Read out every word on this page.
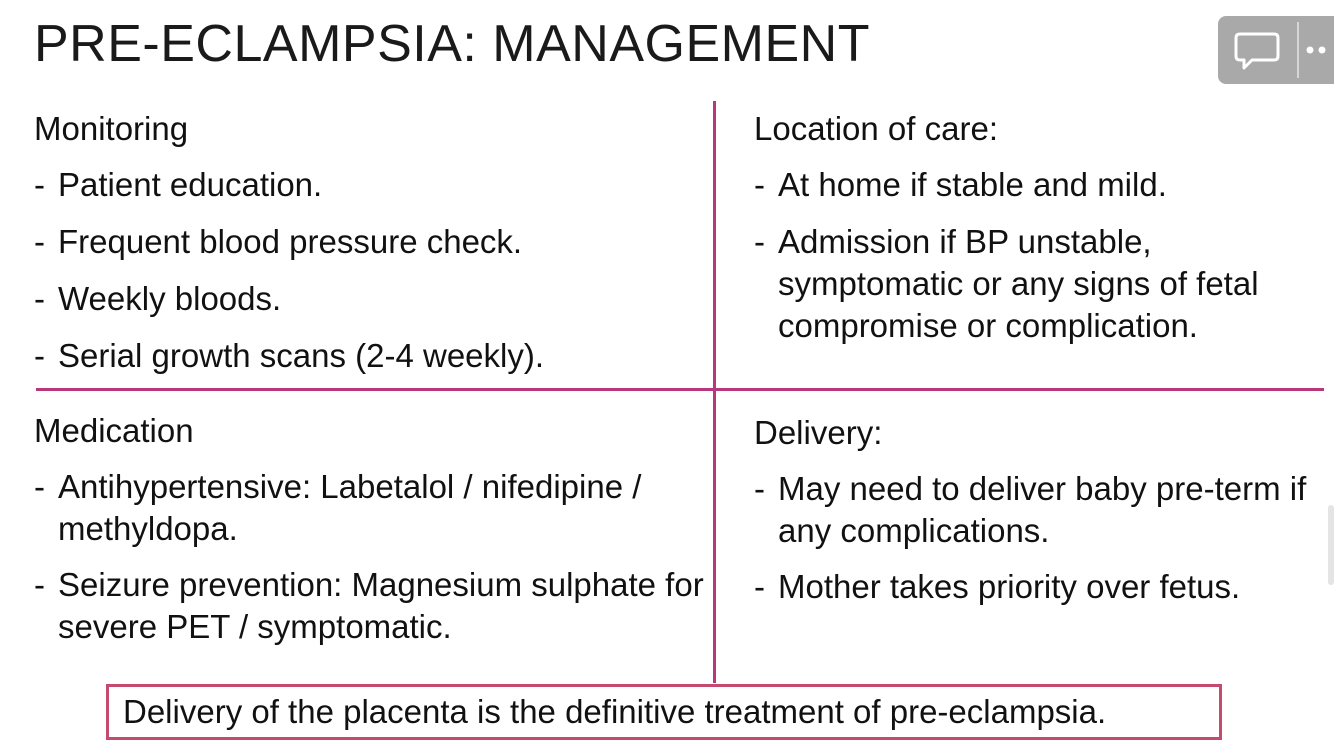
PRE-ECLAMPSIA: MANAGEMENT
Monitoring
- Patient education.
- Frequent blood pressure check.
- Weekly bloods.
- Serial growth scans (2-4 weekly).
Location of care:
- At home if stable and mild.
- Admission if BP unstable, symptomatic or any signs of fetal compromise or complication.
Medication
- Antihypertensive: Labetalol / nifedipine / methyldopa.
- Seizure prevention: Magnesium sulphate for severe PET / symptomatic.
Delivery:
- May need to deliver baby pre-term if any complications.
- Mother takes priority over fetus.
Delivery of the placenta is the definitive treatment of pre-eclampsia.
